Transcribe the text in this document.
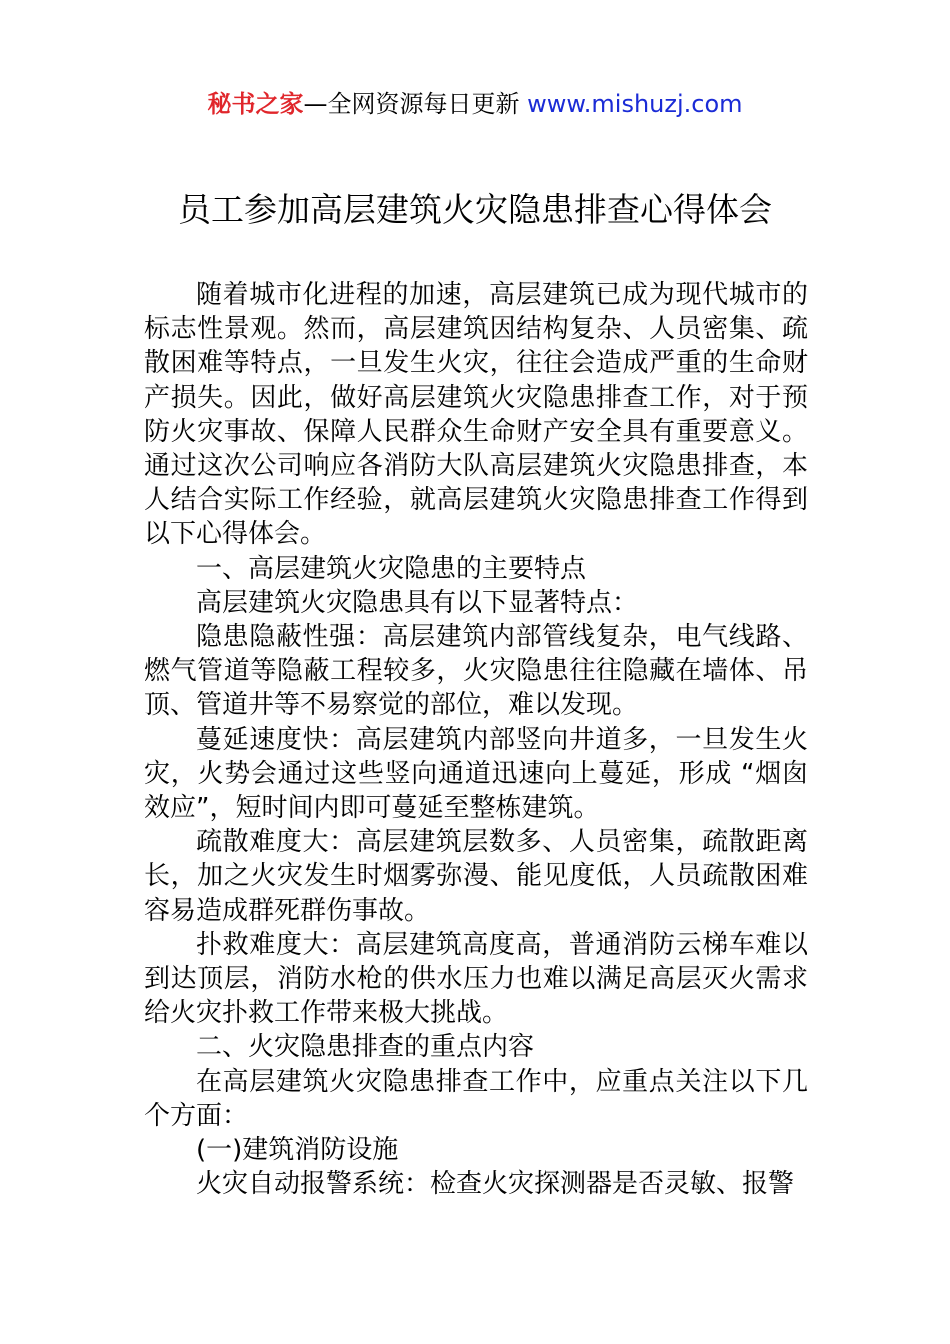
秘书之家—全网资源每日更新 www.mishuzj.com
员工参加高层建筑火灾隐患排查心得体会

随着城市化进程的加速，高层建筑已成为现代城市的标志性景观。然而，高层建筑因结构复杂、人员密集、疏散困难等特点，一旦发生火灾，往往会造成严重的生命财产损失。因此，做好高层建筑火灾隐患排查工作，对于预防火灾事故、保障人民群众生命财产安全具有重要意义。通过这次公司响应各消防大队高层建筑火灾隐患排查，本人结合实际工作经验，就高层建筑火灾隐患排查工作得到以下心得体会。

一、高层建筑火灾隐患的主要特点

高层建筑火灾隐患具有以下显著特点：

隐患隐蔽性强：高层建筑内部管线复杂，电气线路、燃气管道等隐蔽工程较多，火灾隐患往往隐藏在墙体、吊顶、管道井等不易察觉的部位，难以发现。

蔓延速度快：高层建筑内部竖向井道多，一旦发生火灾，火势会通过这些竖向通道迅速向上蔓延，形成 “烟囱效应”，短时间内即可蔓延至整栋建筑。

疏散难度大：高层建筑层数多、人员密集，疏散距离长，加之火灾发生时烟雾弥漫、能见度低，人员疏散困难容易造成群死群伤事故。

扑救难度大：高层建筑高度高，普通消防云梯车难以到达顶层，消防水枪的供水压力也难以满足高层灭火需求给火灾扑救工作带来极大挑战。

二、火灾隐患排查的重点内容

在高层建筑火灾隐患排查工作中，应重点关注以下几个方面：

(一)建筑消防设施

火灾自动报警系统：检查火灾探测器是否灵敏、报警
